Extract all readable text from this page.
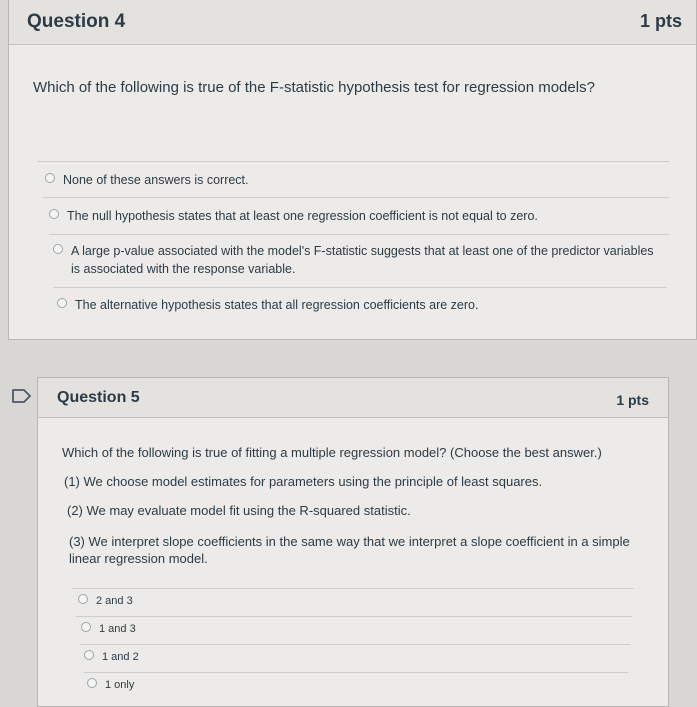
Question 4	1 pts
Which of the following is true of the F-statistic hypothesis test for regression models?
None of these answers is correct.
The null hypothesis states that at least one regression coefficient is not equal to zero.
A large p-value associated with the model's F-statistic suggests that at least one of the predictor variables is associated with the response variable.
The alternative hypothesis states that all regression coefficients are zero.
Question 5	1 pts
Which of the following is true of fitting a multiple regression model? (Choose the best answer.)
(1) We choose model estimates for parameters using the principle of least squares.
(2) We may evaluate model fit using the R-squared statistic.
(3) We interpret slope coefficients in the same way that we interpret a slope coefficient in a simple linear regression model.
2 and 3
1 and 3
1 and 2
1 only
